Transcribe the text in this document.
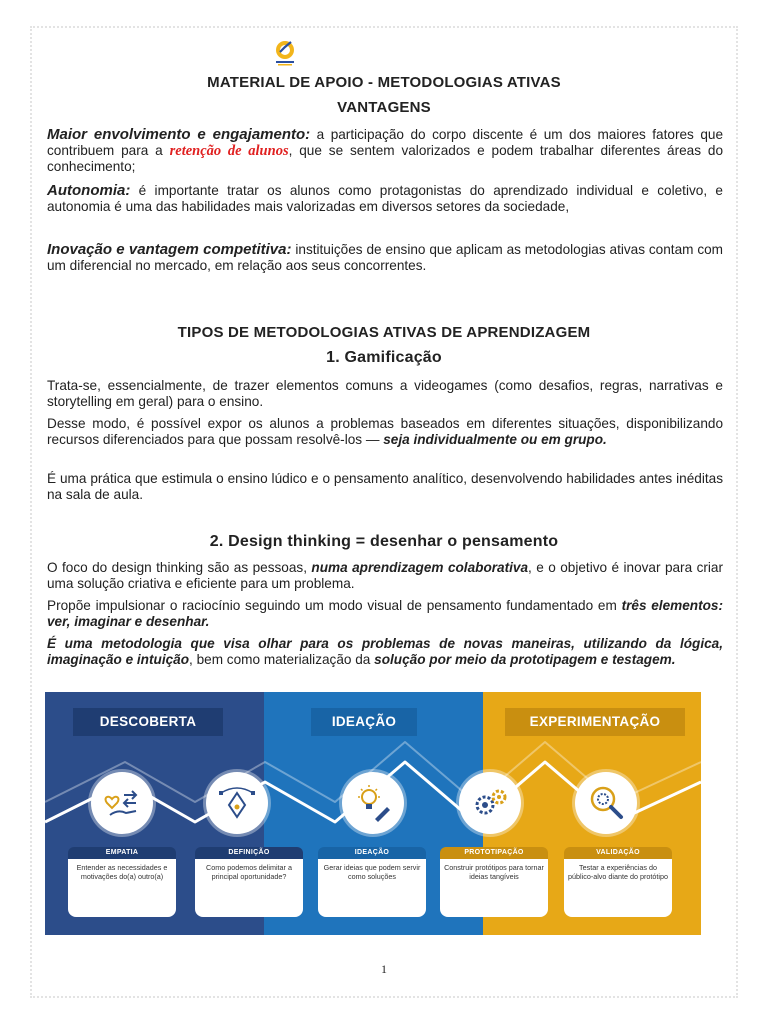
MATERIAL DE APOIO - METODOLOGIAS ATIVAS
VANTAGENS
Maior envolvimento e engajamento: a participação do corpo discente é um dos maiores fatores que contribuem para a retenção de alunos, que se sentem valorizados e podem trabalhar diferentes áreas do conhecimento;
Autonomia: é importante tratar os alunos como protagonistas do aprendizado individual e coletivo, e autonomia é uma das habilidades mais valorizadas em diversos setores da sociedade,
Inovação e vantagem competitiva: instituições de ensino que aplicam as metodologias ativas contam com um diferencial no mercado, em relação aos seus concorrentes.
TIPOS DE METODOLOGIAS ATIVAS DE APRENDIZAGEM
1. Gamificação
Trata-se, essencialmente, de trazer elementos comuns a videogames (como desafios, regras, narrativas e storytelling em geral) para o ensino.
Desse modo, é possível expor os alunos a problemas baseados em diferentes situações, disponibilizando recursos diferenciados para que possam resolvê-los — seja individualmente ou em grupo.
É uma prática que estimula o ensino lúdico e o pensamento analítico, desenvolvendo habilidades antes inéditas na sala de aula.
2. Design thinking = desenhar o pensamento
O foco do design thinking são as pessoas, numa aprendizagem colaborativa, e o objetivo é inovar para criar uma solução criativa e eficiente para um problema.
Propõe impulsionar o raciocínio seguindo um modo visual de pensamento fundamentado em três elementos: ver, imaginar e desenhar.
É uma metodologia que visa olhar para os problemas de novas maneiras, utilizando da lógica, imaginação e intuição, bem como materialização da solução por meio da prototipagem e testagem.
DESCOBERTA	IDEAÇÃO	EXPERIMENTAÇÃO
EMPATIA
Entender as necessidades e motivações do(a) outro(a)
DEFINIÇÃO
Como podemos delimitar a principal oportunidade?
IDEAÇÃO
Gerar ideias que podem servir como soluções
PROTOTIPAÇÃO
Construir protótipos para tornar ideias tangíveis
VALIDAÇÃO
Testar a experiências do público-alvo diante do protótipo
1
